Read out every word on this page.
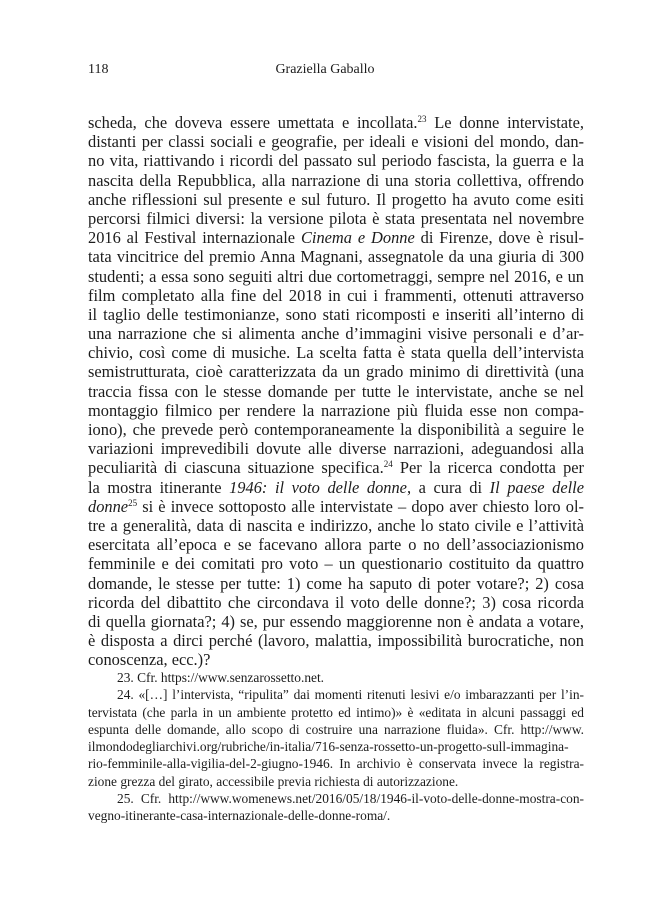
118	Graziella Gaballo
scheda, che doveva essere umettata e incollata.$^{23}$ Le donne intervistate,
distanti per classi sociali e geografie, per ideali e visioni del mondo, dan-
no vita, riattivando i ricordi del passato sul periodo fascista, la guerra e la
nascita della Repubblica, alla narrazione di una storia collettiva, offrendo
anche riflessioni sul presente e sul futuro. Il progetto ha avuto come esiti
percorsi filmici diversi: la versione pilota è stata presentata nel novembre
2016 al Festival internazionale Cinema e Donne di Firenze, dove è risul-
tata vincitrice del premio Anna Magnani, assegnatole da una giuria di 300
studenti; a essa sono seguiti altri due cortometraggi, sempre nel 2016, e un
film completato alla fine del 2018 in cui i frammenti, ottenuti attraverso
il taglio delle testimonianze, sono stati ricomposti e inseriti all’interno di
una narrazione che si alimenta anche d’immagini visive personali e d’ar-
chivio, così come di musiche. La scelta fatta è stata quella dell’intervista
semistrutturata, cioè caratterizzata da un grado minimo di direttività (una
traccia fissa con le stesse domande per tutte le intervistate, anche se nel
montaggio filmico per rendere la narrazione più fluida esse non compa-
iono), che prevede però contemporaneamente la disponibilità a seguire le
variazioni imprevedibili dovute alle diverse narrazioni, adeguandosi alla
peculiarità di ciascuna situazione specifica.$^{24}$ Per la ricerca condotta per
la mostra itinerante 1946: il voto delle donne, a cura di Il paese delle
donne$^{25}$ si è invece sottoposto alle intervistate – dopo aver chiesto loro ol-
tre a generalità, data di nascita e indirizzo, anche lo stato civile e l’attività
esercitata all’epoca e se facevano allora parte o no dell’associazionismo
femminile e dei comitati pro voto – un questionario costituito da quattro
domande, le stesse per tutte: 1) come ha saputo di poter votare?; 2) cosa
ricorda del dibattito che circondava il voto delle donne?; 3) cosa ricorda
di quella giornata?; 4) se, pur essendo maggiorenne non è andata a votare,
è disposta a dirci perché (lavoro, malattia, impossibilità burocratiche, non
conoscenza, ecc.)?
23. Cfr. https://www.senzarossetto.net.
24. «[…] l’intervista, “ripulita” dai momenti ritenuti lesivi e/o imbarazzanti per l’in-
tervistata (che parla in un ambiente protetto ed intimo)» è «editata in alcuni passaggi ed
espunta delle domande, allo scopo di costruire una narrazione fluida». Cfr. http://www.
ilmondodegliarchivi.org/rubriche/in-italia/716-senza-rossetto-un-progetto-sull-immagina-
rio-femminile-alla-vigilia-del-2-giugno-1946. In archivio è conservata invece la registra-
zione grezza del girato, accessibile previa richiesta di autorizzazione.
25. Cfr. http://www.womenews.net/2016/05/18/1946-il-voto-delle-donne-mostra-con-
vegno-itinerante-casa-internazionale-delle-donne-roma/.
